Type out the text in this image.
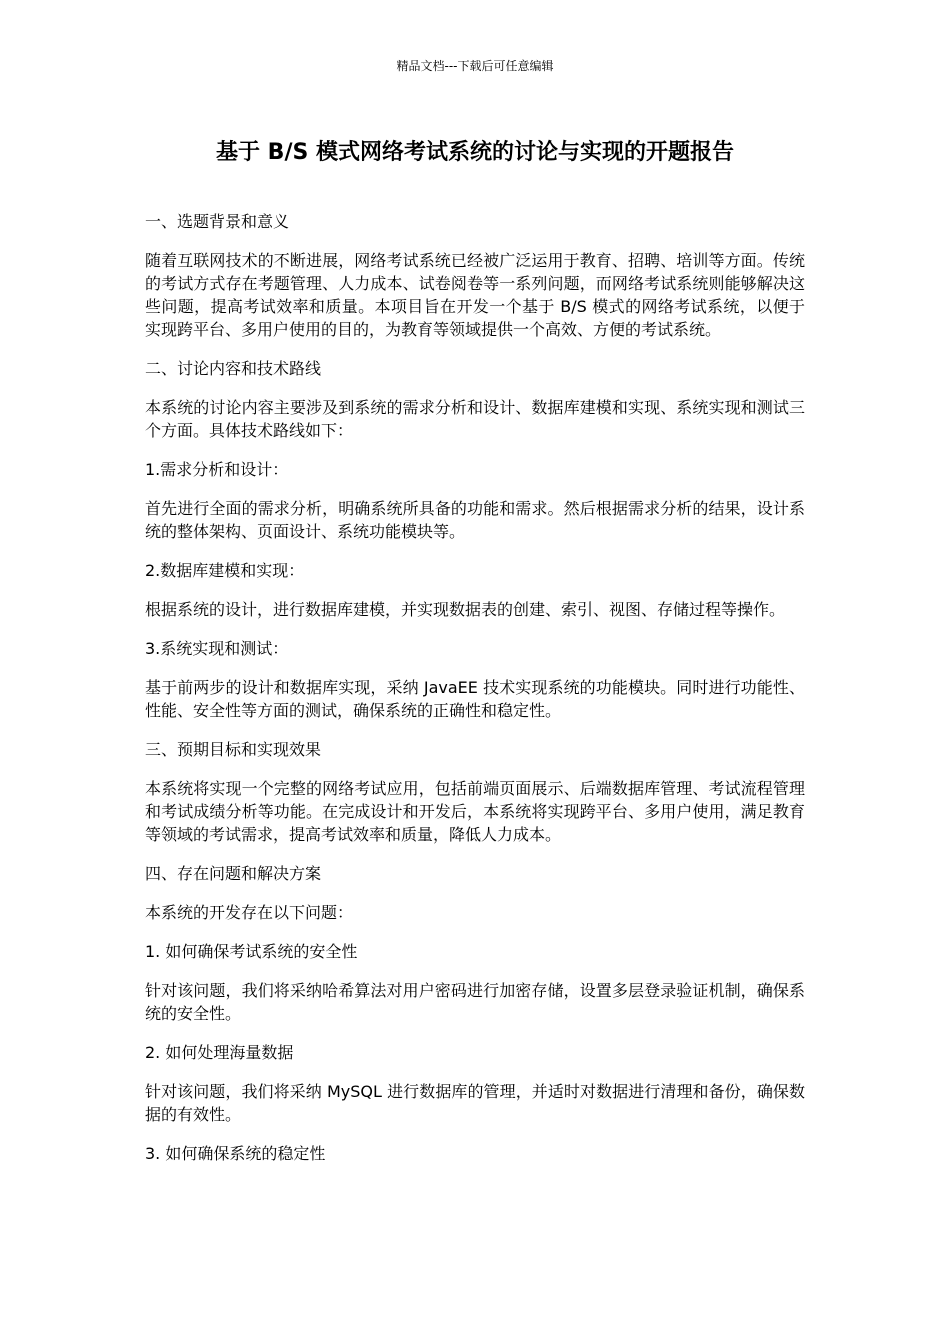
精品文档---下载后可任意编辑
基于 B/S 模式网络考试系统的讨论与实现的开题报告

一、选题背景和意义

随着互联网技术的不断进展，网络考试系统已经被广泛运用于教育、招聘、培训等方面。传统的考试方式存在考题管理、人力成本、试卷阅卷等一系列问题，而网络考试系统则能够解决这些问题，提高考试效率和质量。本项目旨在开发一个基于 B/S 模式的网络考试系统，以便于实现跨平台、多用户使用的目的，为教育等领域提供一个高效、方便的考试系统。

二、讨论内容和技术路线

本系统的讨论内容主要涉及到系统的需求分析和设计、数据库建模和实现、系统实现和测试三个方面。具体技术路线如下：

1.需求分析和设计：

首先进行全面的需求分析，明确系统所具备的功能和需求。然后根据需求分析的结果，设计系统的整体架构、页面设计、系统功能模块等。

2.数据库建模和实现：

根据系统的设计，进行数据库建模，并实现数据表的创建、索引、视图、存储过程等操作。

3.系统实现和测试：

基于前两步的设计和数据库实现，采纳 JavaEE 技术实现系统的功能模块。同时进行功能性、性能、安全性等方面的测试，确保系统的正确性和稳定性。

三、预期目标和实现效果

本系统将实现一个完整的网络考试应用，包括前端页面展示、后端数据库管理、考试流程管理和考试成绩分析等功能。在完成设计和开发后，本系统将实现跨平台、多用户使用，满足教育等领域的考试需求，提高考试效率和质量，降低人力成本。

四、存在问题和解决方案

本系统的开发存在以下问题：

1. 如何确保考试系统的安全性

针对该问题，我们将采纳哈希算法对用户密码进行加密存储，设置多层登录验证机制，确保系统的安全性。

2. 如何处理海量数据

针对该问题，我们将采纳 MySQL 进行数据库的管理，并适时对数据进行清理和备份，确保数据的有效性。

3. 如何确保系统的稳定性
